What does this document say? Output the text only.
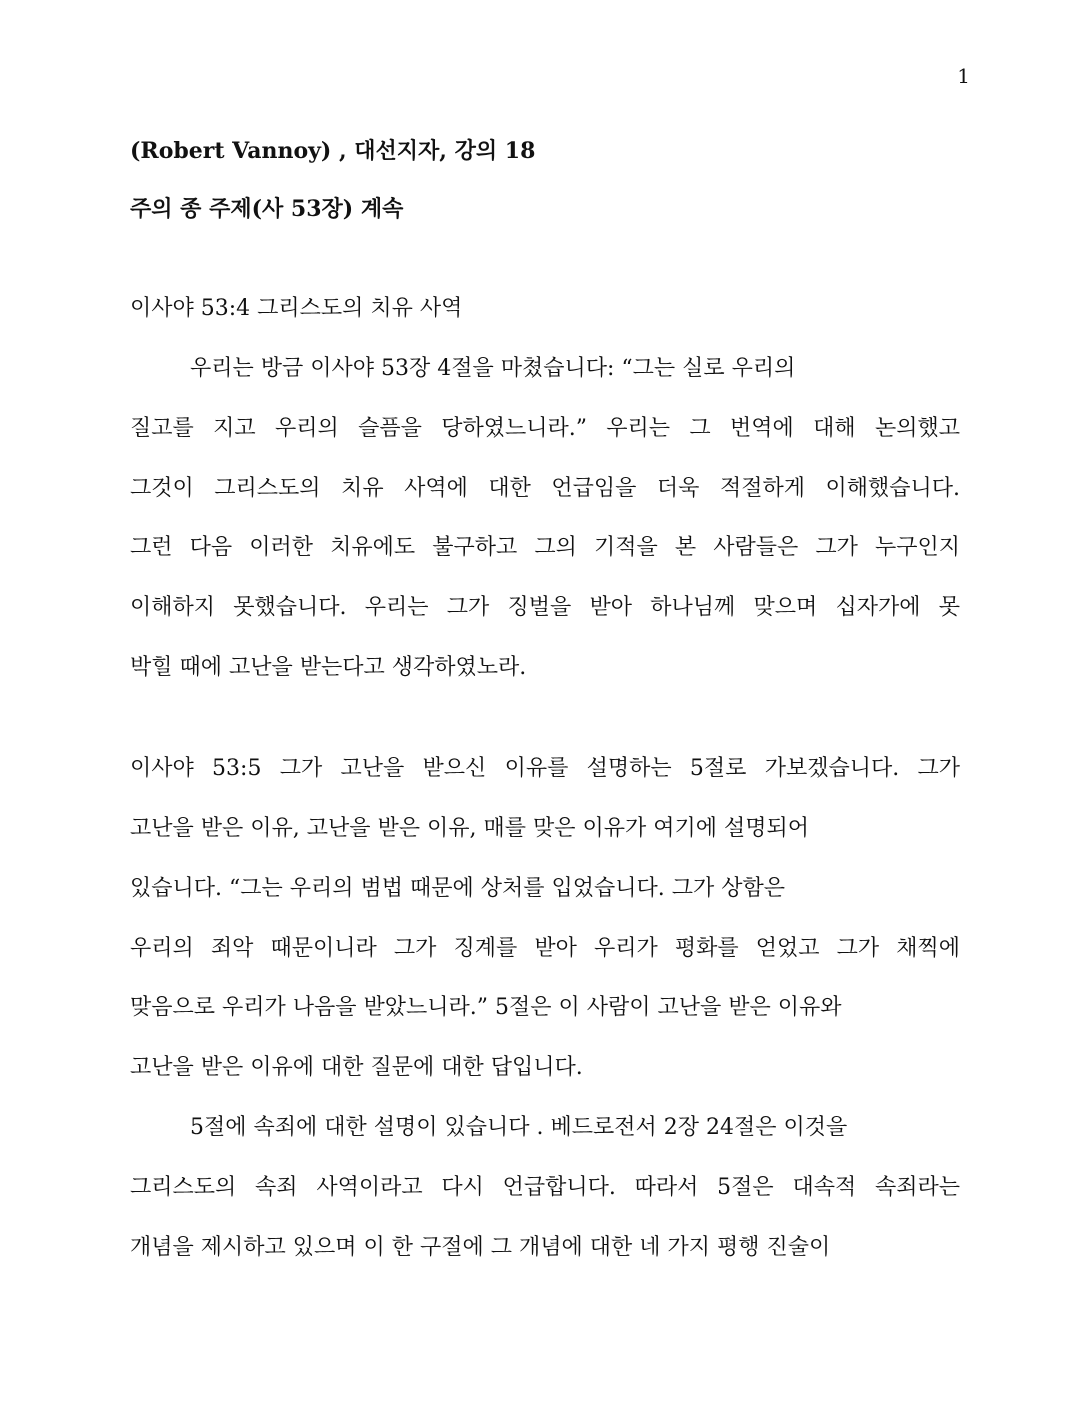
1
(Robert Vannoy) , 대선지자, 강의 18
주의 종 주제(사 53장) 계속
이사야 53:4 그리스도의 치유 사역
우리는 방금 이사야 53장 4절을 마쳤습니다: “그는 실로 우리의
질고를 지고 우리의 슬픔을 당하였느니라.” 우리는 그 번역에 대해 논의했고
그것이 그리스도의 치유 사역에 대한 언급임을 더욱 적절하게 이해했습니다.
그런 다음 이러한 치유에도 불구하고 그의 기적을 본 사람들은 그가 누구인지
이해하지 못했습니다. 우리는 그가 징벌을 받아 하나님께 맞으며 십자가에 못
박힐 때에 고난을 받는다고 생각하였노라.
이사야 53:5 그가 고난을 받으신 이유를 설명하는 5절로 가보겠습니다. 그가
고난을 받은 이유, 고난을 받은 이유, 매를 맞은 이유가 여기에 설명되어
있습니다. “그는 우리의 범법 때문에 상처를 입었습니다. 그가 상함은
우리의 죄악 때문이니라 그가 징계를 받아 우리가 평화를 얻었고 그가 채찍에
맞음으로 우리가 나음을 받았느니라.” 5절은 이 사람이 고난을 받은 이유와
고난을 받은 이유에 대한 질문에 대한 답입니다.
5절에 속죄에 대한 설명이 있습니다 . 베드로전서 2장 24절은 이것을
그리스도의 속죄 사역이라고 다시 언급합니다. 따라서 5절은 대속적 속죄라는
개념을 제시하고 있으며 이 한 구절에 그 개념에 대한 네 가지 평행 진술이
